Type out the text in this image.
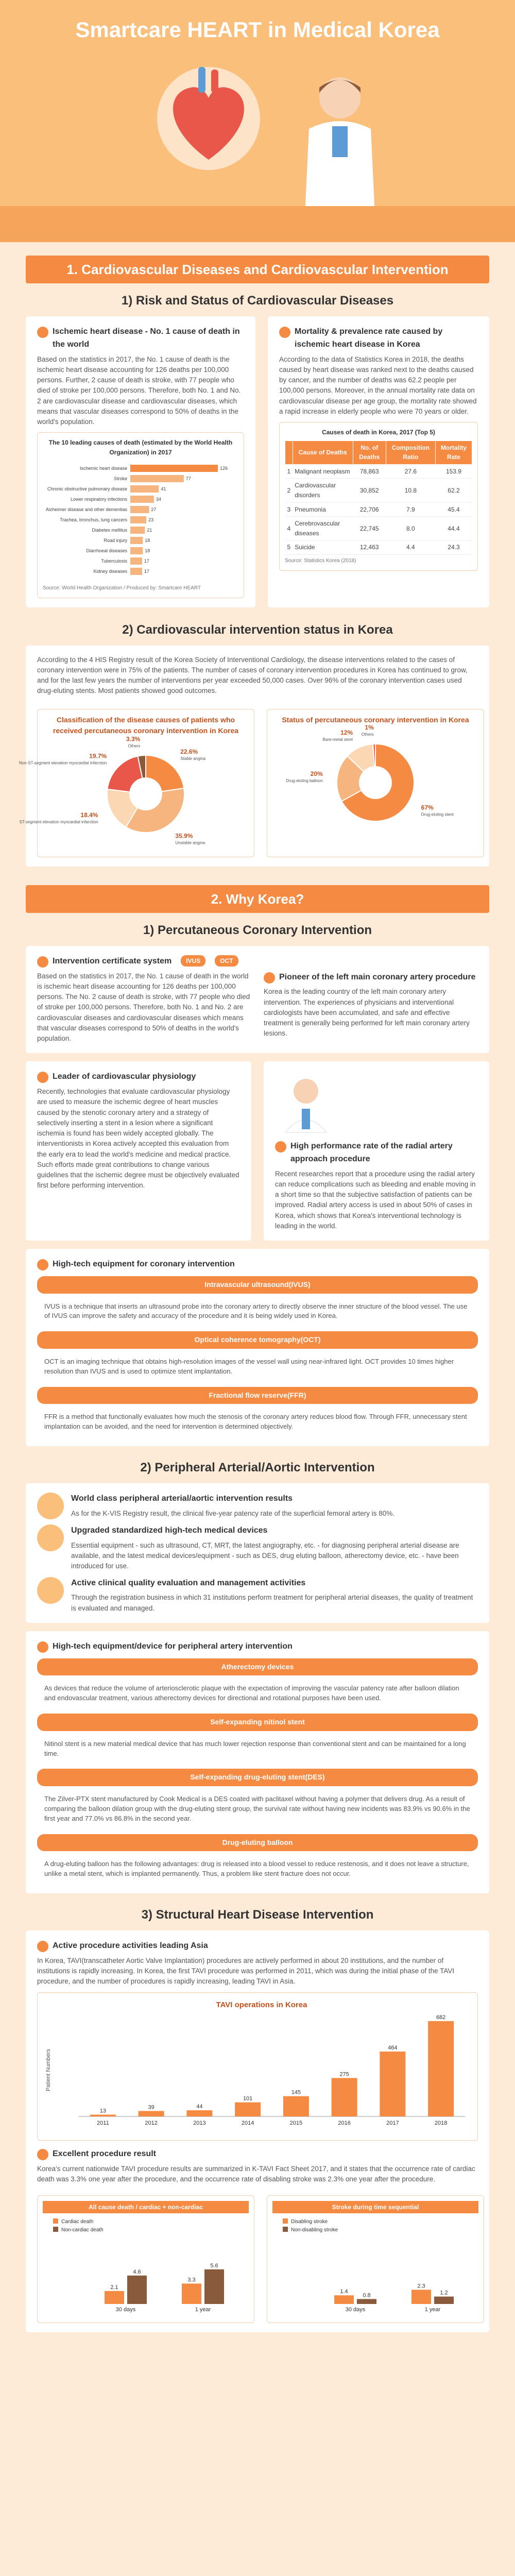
Smartcare HEART in Medical Korea
1. Cardiovascular Diseases and Cardiovascular Intervention
1) Risk and Status of Cardiovascular Diseases
Ischemic heart disease - No. 1 cause of death in the world
Based on the statistics in 2017, the No. 1 cause of death is the ischemic heart disease accounting for 126 deaths per 100,000 persons. Further, 2 cause of death is stroke, with 77 people who died of stroke per 100,000 persons. Therefore, both No. 1 and No. 2 are cardiovascular disease and cardiovascular diseases, which means that vascular diseases correspond to 50% of deaths in the world's population.
The 10 leading causes of death (estimated by the World Health Organization) in 2017
Ischemic heart disease	126
Stroke	77
Chronic obstructive pulmonary disease	41
Lower respiratory infections	34
Alzheimer disease and other dementias	27
Trachea, bronchus, lung cancers	23
Diabetes mellitus	21
Road injury	18
Diarrhoeal diseases	18
Tuberculosis	17
Kidney diseases	17
Source: World Health Organization / Produced by: Smartcare HEART
Mortality & prevalence rate caused by ischemic heart disease in Korea
According to the data of Statistics Korea in 2018, the deaths caused by heart disease was ranked next to the deaths caused by cancer, and the number of deaths was 62.2 people per 100,000 persons. Moreover, in the annual mortality rate data on cardiovascular disease per age group, the mortality rate showed a rapid increase in elderly people who were 70 years or older.
Causes of death in Korea, 2017 (Top 5)
	Cause of Deaths	No. of Deaths	Composition Ratio	Mortality Rate
1	Malignant neoplasm	78,863	27.6	153.9
2	Cardiovascular disorders	30,852	10.8	62.2
3	Pneumonia	22,706	7.9	45.4
4	Cerebrovascular diseases	22,745	8.0	44.4
5	Suicide	12,463	4.4	24.3
Source: Statistics Korea (2018)
2) Cardiovascular intervention status in Korea
According to the 4 HIS Registry result of the Korea Society of Interventional Cardiology, the disease interventions related to the cases of coronary intervention were in 75% of the patients. The number of cases of coronary intervention procedures in Korea has continued to grow, and for the last few years the number of interventions per year exceeded 50,000 cases. Over 96% of the coronary intervention cases used drug-eluting stents. Most patients showed good outcomes.
Classification of the disease causes of patients who received percutaneous coronary intervention in Korea
22.6%
Stable angina
35.9%
Unstable angina
18.4%
ST-segment elevation myocardial infarction
19.7%
Non-ST-segment elevation myocardial infarction
3.3%
Others
Status of percutaneous coronary intervention in Korea
67%
Drug-eluting stent
20%
Drug-eluting balloon
12%
Bare-metal stent
1%
Others
2. Why Korea?
1) Percutaneous Coronary Intervention
Intervention certificate system	IVUS	OCT
Based on the statistics in 2017, the No. 1 cause of death in the world is ischemic heart disease accounting for 126 deaths per 100,000 persons. The No. 2 cause of death is stroke, with 77 people who died of stroke per 100,000 persons. Therefore, both No. 1 and No. 2 are cardiovascular diseases and cardiovascular diseases which means that vascular diseases correspond to 50% of deaths in the world's population.
Pioneer of the left main coronary artery procedure
Korea is the leading country of the left main coronary artery intervention. The experiences of physicians and interventional cardiologists have been accumulated, and safe and effective treatment is generally being performed for left main coronary artery lesions.
Leader of cardiovascular physiology
Recently, technologies that evaluate cardiovascular physiology are used to measure the ischemic degree of heart muscles caused by the stenotic coronary artery and a strategy of selectively inserting a stent in a lesion where a significant ischemia is found has been widely accepted globally. The interventionists in Korea actively accepted this evaluation from the early era to lead the world's medicine and medical practice. Such efforts made great contributions to change various guidelines that the ischemic degree must be objectively evaluated first before performing intervention.
High performance rate of the radial artery approach procedure
Recent researches report that a procedure using the radial artery can reduce complications such as bleeding and enable moving in a short time so that the subjective satisfaction of patients can be improved. Radial artery access is used in about 50% of cases in Korea, which shows that Korea's interventional technology is leading in the world.
High-tech equipment for coronary intervention
Intravascular ultrasound(IVUS)
IVUS is a technique that inserts an ultrasound probe into the coronary artery to directly observe the inner structure of the blood vessel. The use of IVUS can improve the safety and accuracy of the procedure and it is being widely used in Korea.
Optical coherence tomography(OCT)
OCT is an imaging technique that obtains high-resolution images of the vessel wall using near-infrared light. OCT provides 10 times higher resolution than IVUS and is used to optimize stent implantation.
Fractional flow reserve(FFR)
FFR is a method that functionally evaluates how much the stenosis of the coronary artery reduces blood flow. Through FFR, unnecessary stent implantation can be avoided, and the need for intervention is determined objectively.
2) Peripheral Arterial/Aortic Intervention
World class peripheral arterial/aortic intervention results
As for the K-VIS Registry result, the clinical five-year patency rate of the superficial femoral artery is 80%.
Upgraded standardized high-tech medical devices
Essential equipment - such as ultrasound, CT, MRT, the latest angiography, etc. - for diagnosing peripheral arterial disease are available, and the latest medical devices/equipment - such as DES, drug eluting balloon, atherectomy device, etc. - have been introduced for use.
Active clinical quality evaluation and management activities
Through the registration business in which 31 institutions perform treatment for peripheral arterial diseases, the quality of treatment is evaluated and managed.
High-tech equipment/device for peripheral artery intervention
Atherectomy devices
As devices that reduce the volume of arteriosclerotic plaque with the expectation of improving the vascular patency rate after balloon dilation and endovascular treatment, various atherectomy devices for directional and rotational purposes have been used.
Self-expanding nitinol stent
Nitinol stent is a new material medical device that has much lower rejection response than conventional stent and can be maintained for a long time.
Self-expanding drug-eluting stent(DES)
The Zilver-PTX stent manufactured by Cook Medical is a DES coated with paclitaxel without having a polymer that delivers drug. As a result of comparing the balloon dilation group with the drug-eluting stent group, the survival rate without having new incidents was 83.9% vs 90.6% in the first year and 77.0% vs 86.8% in the second year.
Drug-eluting balloon
A drug-eluting balloon has the following advantages: drug is released into a blood vessel to reduce restenosis, and it does not leave a structure, unlike a metal stent, which is implanted permanently. Thus, a problem like stent fracture does not occur.
3) Structural Heart Disease Intervention
Active procedure activities leading Asia
In Korea, TAVI(transcatheter Aortic Valve Implantation) procedures are actively performed in about 20 institutions, and the number of institutions is rapidly increasing. In Korea, the first TAVI procedure was performed in 2011, which was during the initial phase of the TAVI procedure, and the number of procedures is rapidly increasing, leading TAVI in Asia.
TAVI operations in Korea
Patient Numbers
13
2011
39
2012
44
2013
101
2014
145
2015
275
2016
464
2017
682
2018
Excellent procedure result
Korea's current nationwide TAVI procedure results are summarized in K-TAVI Fact Sheet 2017, and it states that the occurrence rate of cardiac death was 3.3% one year after the procedure, and the occurrence rate of disabling stroke was 2.3% one year after the procedure.
All cause death / cardiac + non-cardiac
Cardiac death
Non-cardiac death
2.1
4.6
30 days
3.3
5.6
1 year
Stroke during time sequential
Disabling stroke
Non-disabling stroke
1.4
0.8
30 days
2.3
1.2
1 year
